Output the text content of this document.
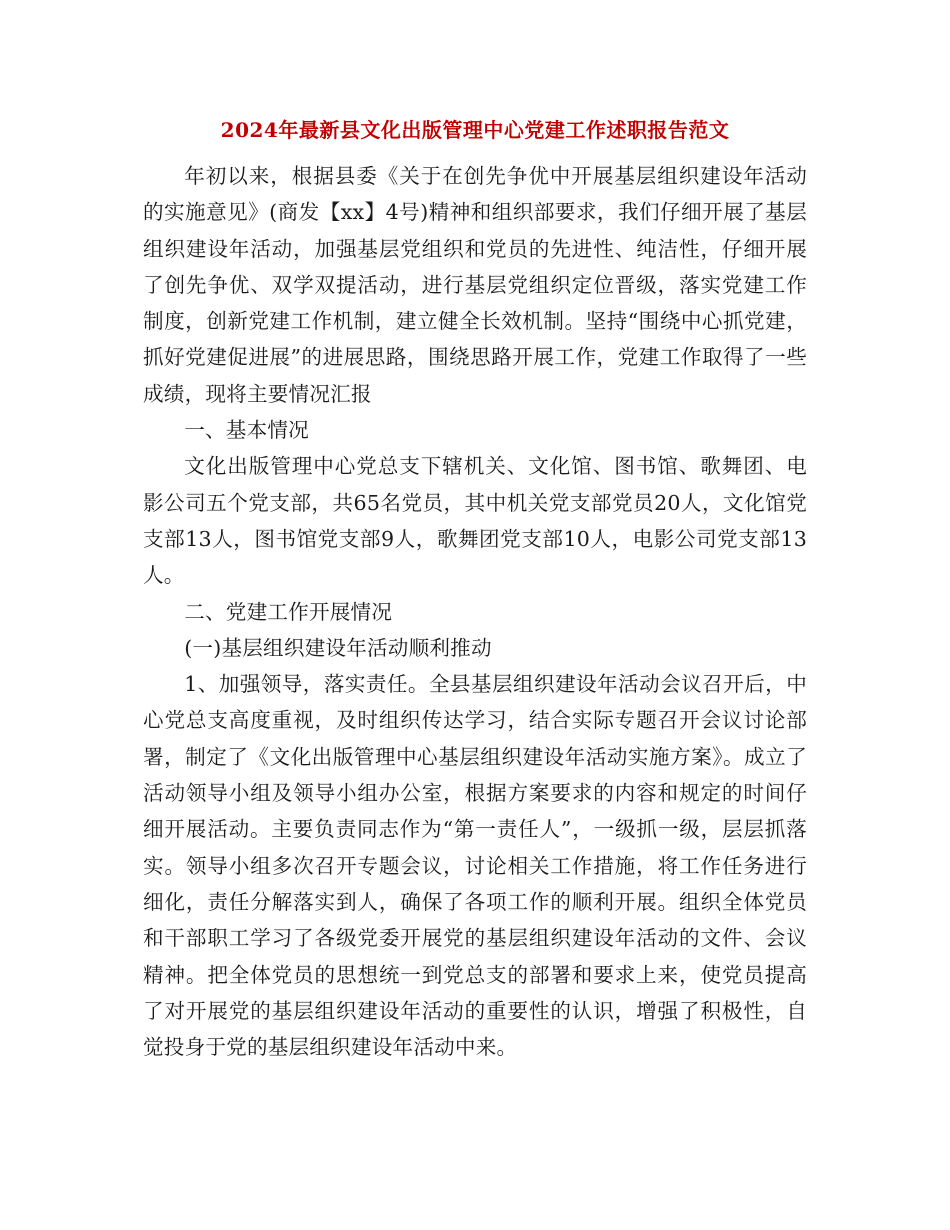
2024年最新县文化出版管理中心党建工作述职报告范文

年初以来，根据县委《关于在创先争优中开展基层组织建设年活动的实施意见》(商发【xx】4号)精神和组织部要求，我们仔细开展了基层组织建设年活动，加强基层党组织和党员的先进性、纯洁性，仔细开展了创先争优、双学双提活动，进行基层党组织定位晋级，落实党建工作制度，创新党建工作机制，建立健全长效机制。坚持“围绕中心抓党建，抓好党建促进展”的进展思路，围绕思路开展工作，党建工作取得了一些成绩，现将主要情况汇报

一、基本情况

文化出版管理中心党总支下辖机关、文化馆、图书馆、歌舞团、电影公司五个党支部，共65名党员，其中机关党支部党员20人，文化馆党支部13人，图书馆党支部9人，歌舞团党支部10人，电影公司党支部13人。

二、党建工作开展情况

(一)基层组织建设年活动顺利推动

1、加强领导，落实责任。全县基层组织建设年活动会议召开后，中心党总支高度重视，及时组织传达学习，结合实际专题召开会议讨论部署，制定了《文化出版管理中心基层组织建设年活动实施方案》。成立了活动领导小组及领导小组办公室，根据方案要求的内容和规定的时间仔细开展活动。主要负责同志作为“第一责任人”，一级抓一级，层层抓落实。领导小组多次召开专题会议，讨论相关工作措施，将工作任务进行细化，责任分解落实到人，确保了各项工作的顺利开展。组织全体党员和干部职工学习了各级党委开展党的基层组织建设年活动的文件、会议精神。把全体党员的思想统一到党总支的部署和要求上来，使党员提高了对开展党的基层组织建设年活动的重要性的认识，增强了积极性，自觉投身于党的基层组织建设年活动中来。
